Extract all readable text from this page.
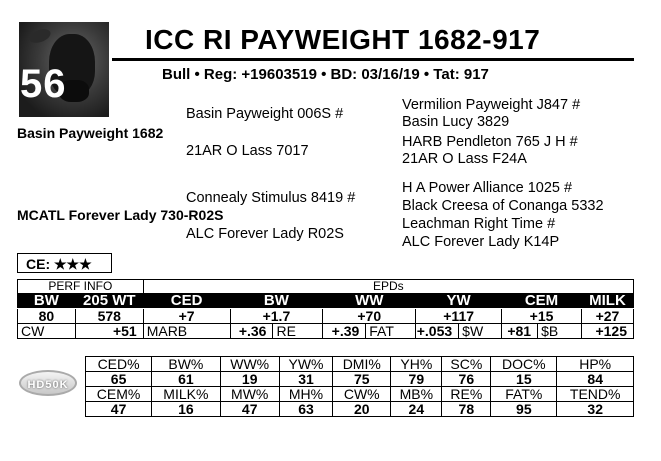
56
ICC RI PAYWEIGHT 1682-917
Bull • Reg: +19603519 • BD: 03/16/19 • Tat: 917
Basin Payweight 006S #
Basin Payweight 1682
21AR O Lass 7017
Vermilion Payweight J847 #
Basin Lucy 3829
HARB Pendleton 765 J H #
21AR O Lass F24A
Connealy Stimulus 8419 #
MCATL Forever Lady 730-R02S
ALC Forever Lady R02S
H A Power Alliance 1025 #
Black Creesa of Conanga 5332
Leachman Right Time #
ALC Forever Lady K14P
CE: ★★★
PERF INFO		EPDs									
BW	205 WT	CED	BW		WW		YW		CEM		MILK
80	578	+7	+1.7		+70		+117		+15		+27
CW	+51	MARB	+.36	RE	+.39	FAT	+.053	$W	+81	$B	+125
HD50K
CED%	BW%	WW%	YW%	DMI%	YH%	SC%	DOC%	HP%
65	61	19	31	75	79	76	15	84
CEM%	MILK%	MW%	MH%	CW%	MB%	RE%	FAT%	TEND%
47	16	47	63	20	24	78	95	32
